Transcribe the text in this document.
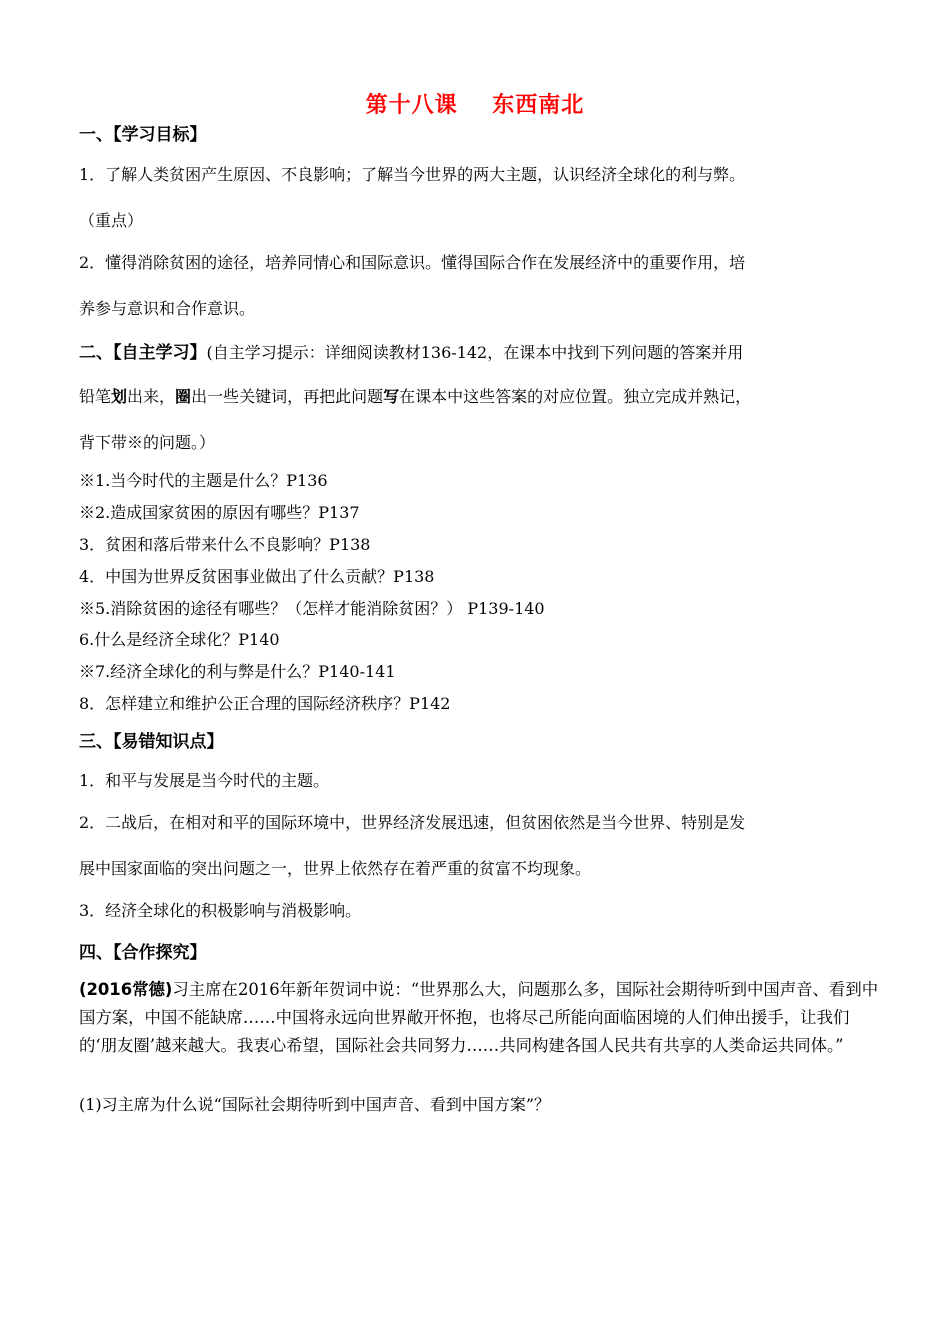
第十八课    东西南北
一、【学习目标】
1．了解人类贫困产生原因、不良影响；了解当今世界的两大主题，认识经济全球化的利与弊。
（重点）
2．懂得消除贫困的途径，培养同情心和国际意识。懂得国际合作在发展经济中的重要作用，培
养参与意识和合作意识。
二、【自主学习】(自主学习提示：详细阅读教材136-142，在课本中找到下列问题的答案并用
铅笔划出来，圈出一些关键词，再把此问题写在课本中这些答案的对应位置。独立完成并熟记，
背下带※的问题。）
※1.当今时代的主题是什么？P136
※2.造成国家贫困的原因有哪些？P137
3．贫困和落后带来什么不良影响？P138
4．中国为世界反贫困事业做出了什么贡献？P138
※5.消除贫困的途径有哪些？（怎样才能消除贫困？） P139-140
6.什么是经济全球化？P140
※7.经济全球化的利与弊是什么？P140-141
8．怎样建立和维护公正合理的国际经济秩序？P142
三、【易错知识点】
1．和平与发展是当今时代的主题。
2．二战后，在相对和平的国际环境中，世界经济发展迅速，但贫困依然是当今世界、特别是发
展中国家面临的突出问题之一，世界上依然存在着严重的贫富不均现象。
3．经济全球化的积极影响与消极影响。
四、【合作探究】
(2016常德)习主席在2016年新年贺词中说：“世界那么大，问题那么多，国际社会期待听到中国声音、看到中国方案，中国不能缺席……中国将永远向世界敞开怀抱，也将尽己所能向面临困境的人们伸出援手，让我们的‘朋友圈’越来越大。我衷心希望，国际社会共同努力……共同构建各国人民共有共享的人类命运共同体。”
(1)习主席为什么说“国际社会期待听到中国声音、看到中国方案”？
